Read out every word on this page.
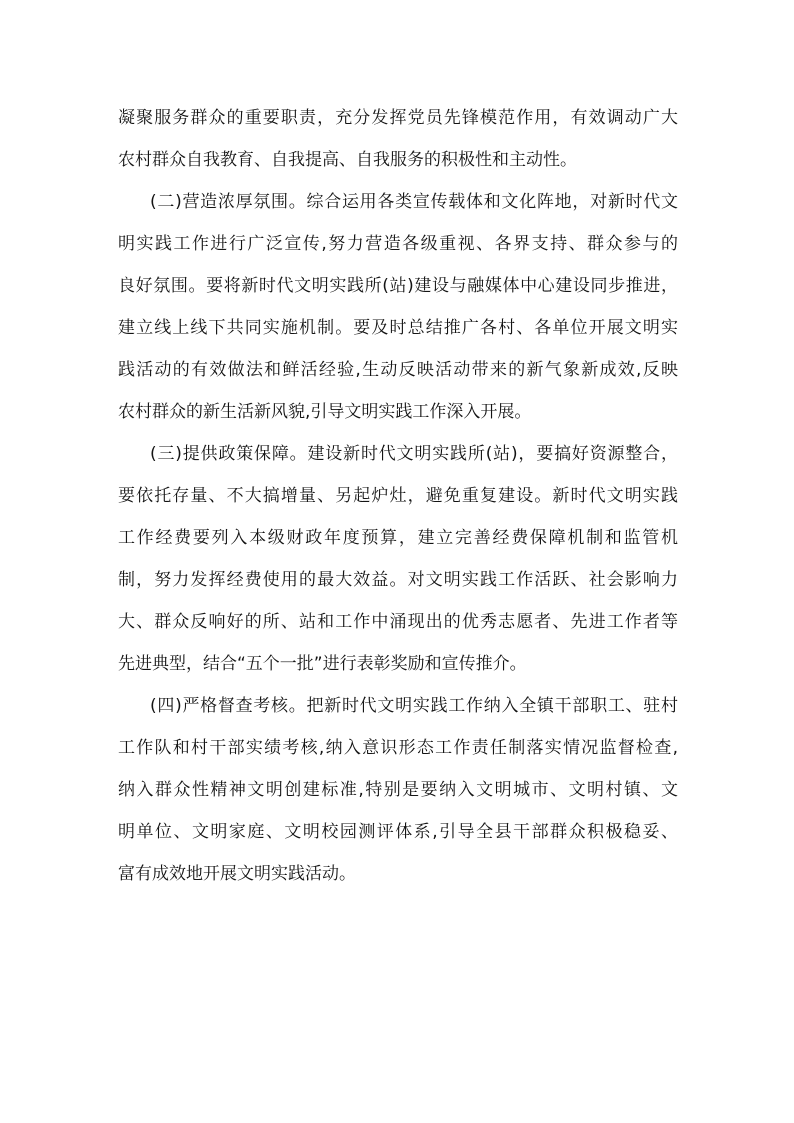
凝聚服务群众的重要职责，充分发挥党员先锋模范作用，有效调动广大
农村群众自我教育、自我提高、自我服务的积极性和主动性。
(二)营造浓厚氛围。综合运用各类宣传载体和文化阵地，对新时代文
明实践工作进行广泛宣传,努力营造各级重视、各界支持、群众参与的
良好氛围。要将新时代文明实践所(站)建设与融媒体中心建设同步推进，
建立线上线下共同实施机制。要及时总结推广各村、各单位开展文明实
践活动的有效做法和鲜活经验,生动反映活动带来的新气象新成效,反映
农村群众的新生活新风貌,引导文明实践工作深入开展。
(三)提供政策保障。建设新时代文明实践所(站)，要搞好资源整合，
要依托存量、不大搞增量、另起炉灶，避免重复建设。新时代文明实践
工作经费要列入本级财政年度预算，建立完善经费保障机制和监管机
制，努力发挥经费使用的最大效益。对文明实践工作活跃、社会影响力
大、群众反响好的所、站和工作中涌现出的优秀志愿者、先进工作者等
先进典型，结合“五个一批”进行表彰奖励和宣传推介。
(四)严格督查考核。把新时代文明实践工作纳入全镇干部职工、驻村
工作队和村干部实绩考核,纳入意识形态工作责任制落实情况监督检查,
纳入群众性精神文明创建标准,特别是要纳入文明城市、文明村镇、文
明单位、文明家庭、文明校园测评体系,引导全县干部群众积极稳妥、
富有成效地开展文明实践活动。
